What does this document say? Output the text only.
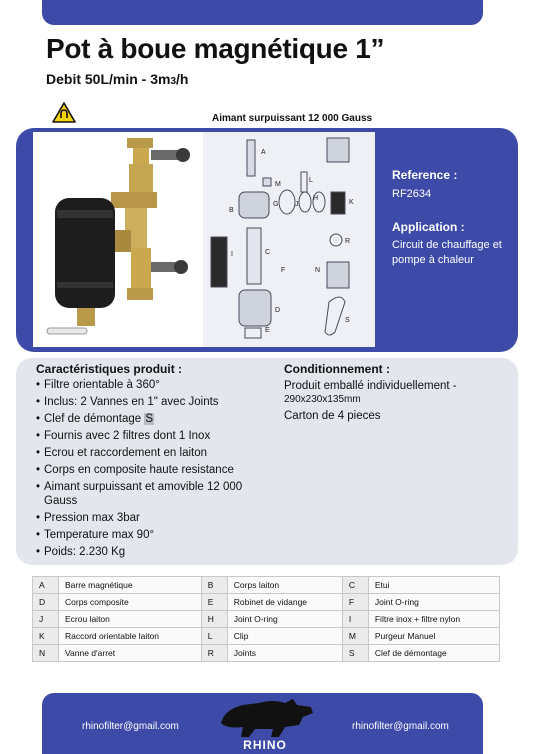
Pot à boue magnétique 1”
Debit 50L/min - 3m3/h
Aimant surpuissant 12 000 Gauss
A
M
L
B
G J
H
K
I	C
F
R
N
D
E
S
Reference :
RF2634
Application :
Circuit de chauffage et pompe à chaleur
Caractéristiques produit :
• Filtre orientable à 360°
• Inclus: 2 Vannes en 1" avec Joints
• Clef de démontage S
• Fournis avec 2 filtres dont 1 Inox
• Ecrou et raccordement en laiton
• Corps en composite haute resistance
• Aimant surpuissant et amovible 12 000 Gauss
• Pression max 3bar
• Temperature max 90°
• Poids: 2.230 Kg
Conditionnement :
Produit emballé individuellement -
290x230x135mm
Carton de 4 pieces
A	Barre magnétique	B	Corps laiton	C	Etui
D	Corps composite	E	Robinet de vidange	F	Joint O-ring
J	Ecrou laiton	H	Joint O-ring	I	Filtre inox + filtre nylon
K	Raccord orientable laiton	L	Clip	M	Purgeur Manuel
N	Vanne d'arret	R	Joints	S	Clef de démontage
rhinofilter@gmail.com	rhinofilter@gmail.com
RHINO
